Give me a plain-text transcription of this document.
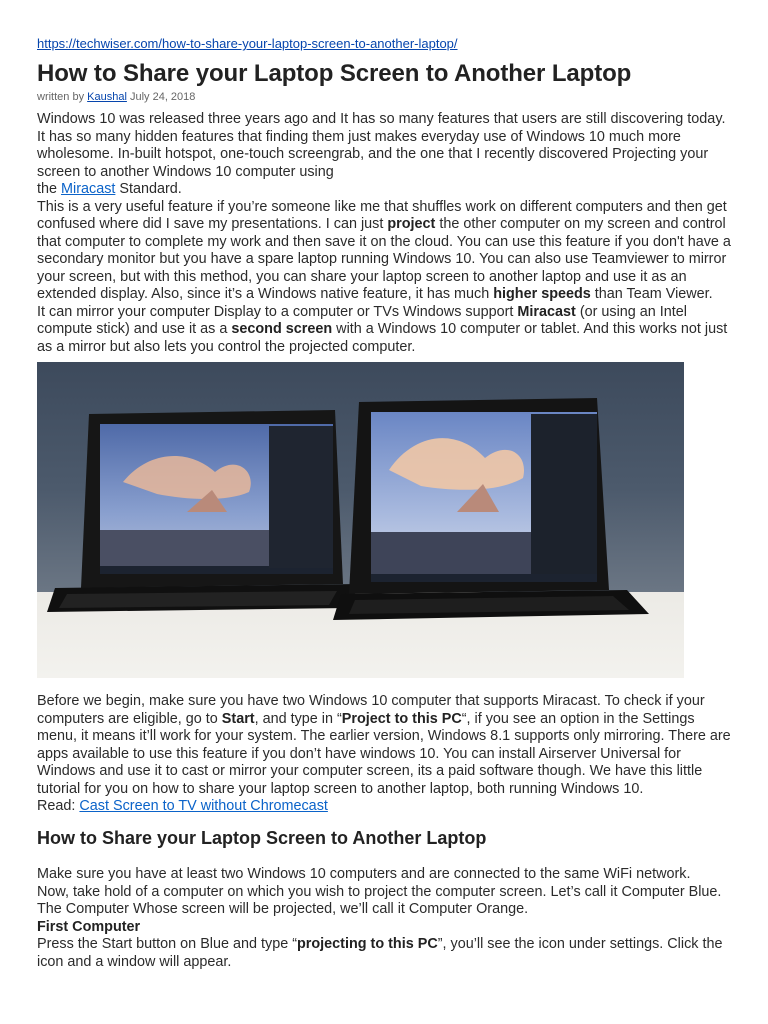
https://techwiser.com/how-to-share-your-laptop-screen-to-another-laptop/
How to Share your Laptop Screen to Another Laptop
written by Kaushal July 24, 2018

Windows 10 was released three years ago and It has so many features that users are still discovering today. It has so many hidden features that finding them just makes everyday use of Windows 10 much more wholesome. In-built hotspot, one-touch screengrab, and the one that I recently discovered Projecting your screen to another Windows 10 computer using
the Miracast Standard.

This is a very useful feature if you’re someone like me that shuffles work on different computers and then get confused where did I save my presentations. I can just project the other computer on my screen and control that computer to complete my work and then save it on the cloud. You can use this feature if you don't have a secondary monitor but you have a spare laptop running Windows 10. You can also use Teamviewer to mirror your screen, but with this method, you can share your laptop screen to another laptop and use it as an extended display. Also, since it’s a Windows native feature, it has much higher speeds than Team Viewer.

It can mirror your computer Display to a computer or TVs Windows support Miracast (or using an Intel compute stick) and use it as a second screen with a Windows 10 computer or tablet. And this works not just as a mirror but also lets you control the projected computer.

Before we begin, make sure you have two Windows 10 computer that supports Miracast. To check if your computers are eligible, go to Start, and type in “Project to this PC“, if you see an option in the Settings menu, it means it’ll work for your system. The earlier version, Windows 8.1 supports only mirroring. There are apps available to use this feature if you don’t have windows 10. You can install Airserver Universal for Windows and use it to cast or mirror your computer screen, its a paid software though. We have this little tutorial for you on how to share your laptop screen to another laptop, both running Windows 10.

Read: Cast Screen to TV without Chromecast

How to Share your Laptop Screen to Another Laptop

Make sure you have at least two Windows 10 computers and are connected to the same WiFi network.

Now, take hold of a computer on which you wish to project the computer screen. Let’s call it Computer Blue. The Computer Whose screen will be projected, we’ll call it Computer Orange.

First Computer

Press the Start button on Blue and type “projecting to this PC”, you’ll see the icon under settings. Click the icon and a window will appear.
